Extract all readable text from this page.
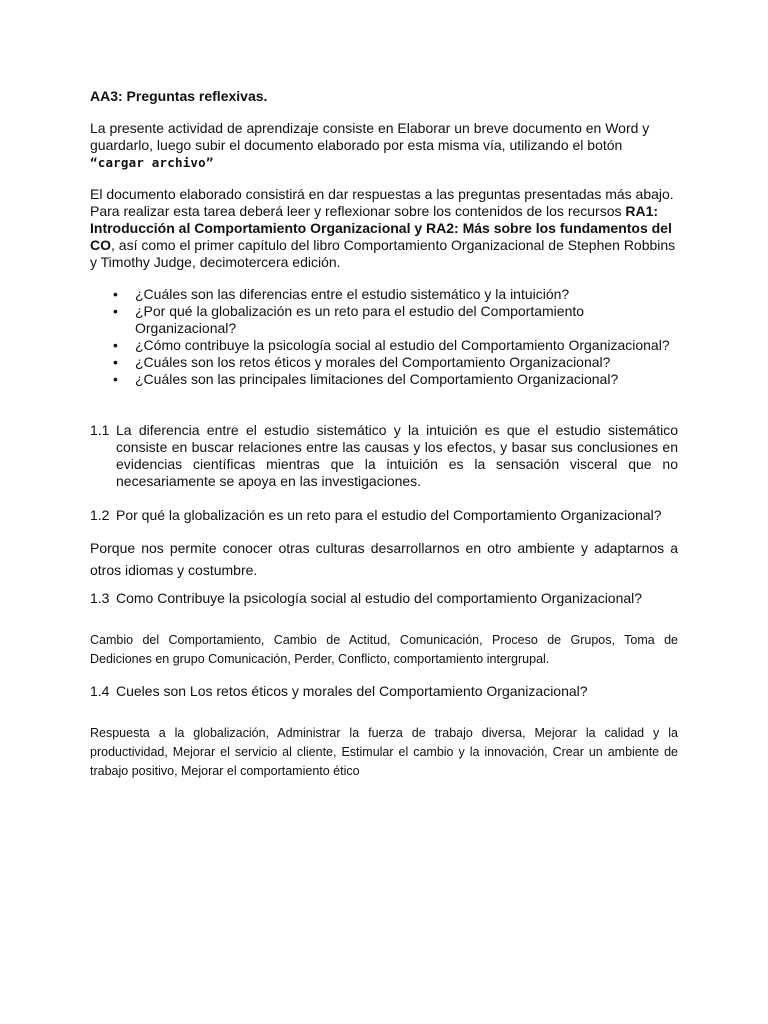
AA3: Preguntas reflexivas.

La presente actividad de aprendizaje consiste en Elaborar un breve documento en Word y guardarlo, luego subir el documento elaborado por esta misma vía, utilizando el botón “cargar archivo”

El documento elaborado consistirá en dar respuestas a las preguntas presentadas más abajo. Para realizar esta tarea deberá leer y reflexionar sobre los contenidos de los recursos RA1: Introducción al Comportamiento Organizacional y RA2: Más sobre los fundamentos del CO, así como el primer capítulo del libro Comportamiento Organizacional de Stephen Robbins y Timothy Judge, decimotercera edición.

• ¿Cuáles son las diferencias entre el estudio sistemático y la intuición?
• ¿Por qué la globalización es un reto para el estudio del Comportamiento Organizacional?
• ¿Cómo contribuye la psicología social al estudio del Comportamiento Organizacional?
• ¿Cuáles son los retos éticos y morales del Comportamiento Organizacional?
• ¿Cuáles son las principales limitaciones del Comportamiento Organizacional?
1.1 La diferencia entre el estudio sistemático y la intuición es que el estudio sistemático consiste en buscar relaciones entre las causas y los efectos, y basar sus conclusiones en evidencias científicas mientras que la intuición es la sensación visceral que no necesariamente se apoya en las investigaciones.
1.2 Por qué la globalización es un reto para el estudio del Comportamiento Organizacional?

Porque nos permite conocer otras culturas desarrollarnos en otro ambiente y adaptarnos a otros idiomas y costumbre.

1.3 Como Contribuye la psicología social al estudio del comportamiento Organizacional?

Cambio del Comportamiento, Cambio de Actitud, Comunicación, Proceso de Grupos, Toma de Dediciones en grupo Comunicación, Perder, Conflicto, comportamiento intergrupal.

1.4 Cueles son Los retos éticos y morales del Comportamiento Organizacional?

Respuesta a la globalización, Administrar la fuerza de trabajo diversa, Mejorar la calidad y la productividad, Mejorar el servicio al cliente, Estimular el cambio y la innovación, Crear un ambiente de trabajo positivo, Mejorar el comportamiento ético
